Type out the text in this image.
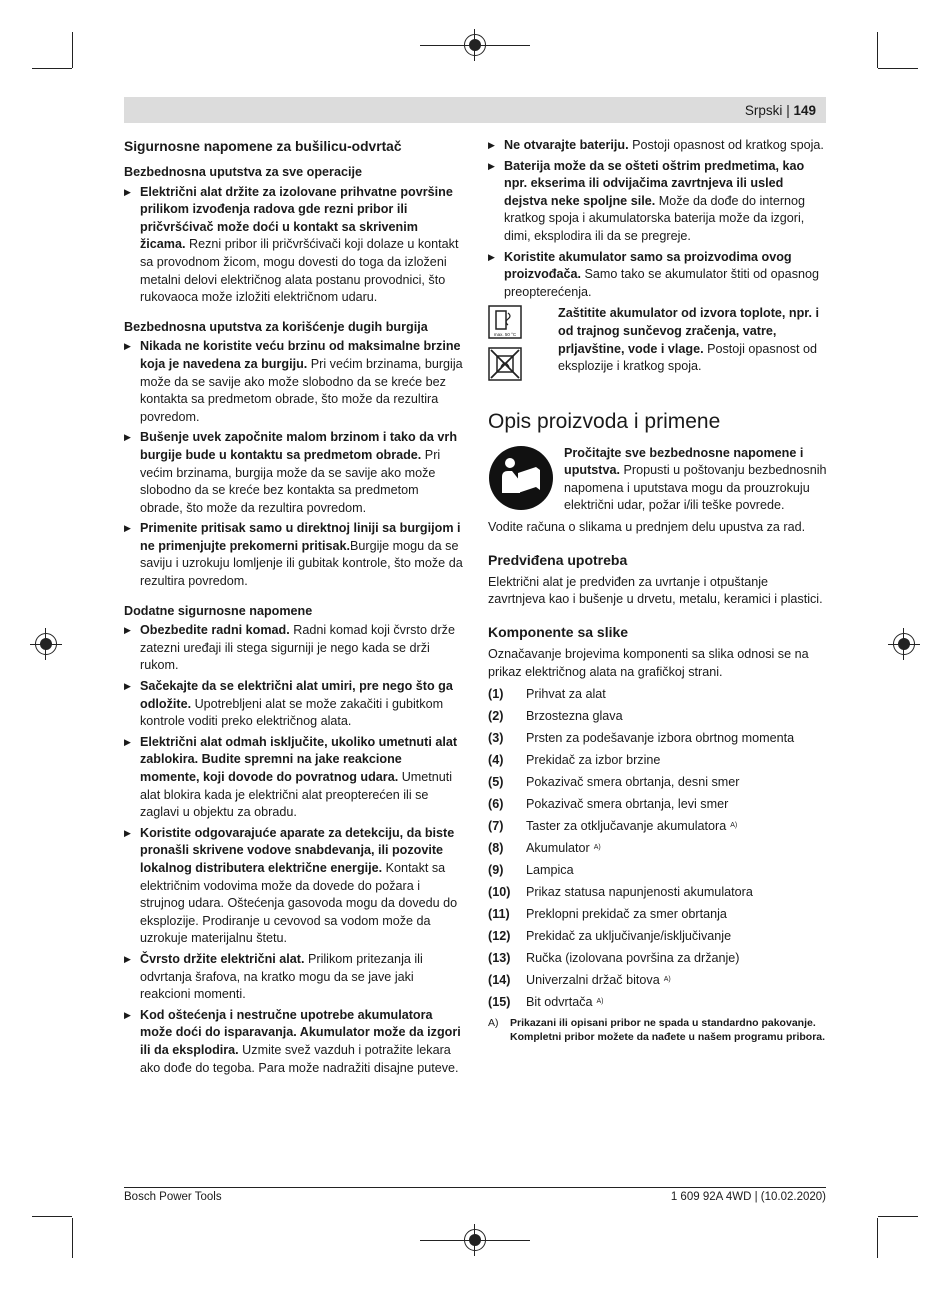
Srpski | 149
Sigurnosne napomene za bušilicu-odvrtač
Bezbednosna uputstva za sve operacije

▶ Električni alat držite za izolovane prihvatne površine prilikom izvođenja radova gde rezni pribor ili pričvršćivač može doći u kontakt sa skrivenim žicama. Rezni pribor ili pričvršćivači koji dolaze u kontakt sa provodnom žicom, mogu dovesti do toga da izloženi metalni delovi električnog alata postanu provodnici, što rukovaoca može izložiti električnom udaru.

Bezbednosna uputstva za korišćenje dugih burgija

▶ Nikada ne koristite veću brzinu od maksimalne brzine koja je navedena za burgiju. Pri većim brzinama, burgija može da se savije ako može slobodno da se kreće bez kontakta sa predmetom obrade, što može da rezultira povredom.

▶ Bušenje uvek započnite malom brzinom i tako da vrh burgije bude u kontaktu sa predmetom obrade. Pri većim brzinama, burgija može da se savije ako može slobodno da se kreće bez kontakta sa predmetom obrade, što može da rezultira povredom.

▶ Primenite pritisak samo u direktnoj liniji sa burgijom i ne primenjujte prekomerni pritisak.Burgije mogu da se saviju i uzrokuju lomljenje ili gubitak kontrole, što može da rezultira povredom.

Dodatne sigurnosne napomene

▶ Obezbedite radni komad. Radni komad koji čvrsto drže zatezni uređaji ili stega sigurniji je nego kada se drži rukom.

▶ Sačekajte da se električni alat umiri, pre nego što ga odložite. Upotrebljeni alat se može zakačiti i gubitkom kontrole voditi preko električnog alata.

▶ Električni alat odmah isključite, ukoliko umetnuti alat zablokira. Budite spremni na jake reakcione momente, koji dovode do povratnog udara. Umetnuti alat blokira kada je električni alat preopterećen ili se zaglavi u objektu za obradu.

▶ Koristite odgovarajuće aparate za detekciju, da biste pronašli skrivene vodove snabdevanja, ili pozovite lokalnog distributera električne energije. Kontakt sa električnim vodovima može da dovede do požara i strujnog udara. Oštećenja gasovoda mogu da dovedu do eksplozije. Prodiranje u cevovod sa vodom može da uzrokuje materijalnu štetu.

▶ Čvrsto držite električni alat. Prilikom pritezanja ili odvrtanja šrafova, na kratko mogu da se jave jaki reakcioni momenti.

▶ Kod oštećenja i nestručne upotrebe akumulatora može doći do isparavanja. Akumulator može da izgori ili da eksplodira. Uzmite svež vazduh i potražite lekara ako dođe do tegoba. Para može nadražiti disajne puteve.

▶ Ne otvarajte bateriju. Postoji opasnost od kratkog spoja.

▶ Baterija može da se ošteti oštrim predmetima, kao npr. ekserima ili odvijačima zavrtnjeva ili usled dejstva neke spoljne sile. Može da dođe do internog kratkog spoja i akumulatorska baterija može da izgori, dimi, eksplodira ili da se pregreje.

▶ Koristite akumulator samo sa proizvodima ovog proizvođača. Samo tako se akumulator štiti od opasnog preopterećenja.

max. 50 °C

Zaštitite akumulator od izvora toplote, npr. i od trajnog sunčevog zračenja, vatre, prljavštine, vode i vlage. Postoji opasnost od eksplozije i kratkog spoja.

Opis proizvoda i primene

Pročitajte sve bezbednosne napomene i uputstva. Propusti u poštovanju bezbednosnih napomena i uputstava mogu da prouzrokuju električni udar, požar i/ili teške povrede.

Vodite računa o slikama u prednjem delu upustva za rad.

Predviđena upotreba

Električni alat je predviđen za uvrtanje i otpuštanje zavrtnjeva kao i bušenje u drvetu, metalu, keramici i plastici.

Komponente sa slike

Označavanje brojevima komponenti sa slika odnosi se na prikaz električnog alata na grafičkoj strani.

(1)	Prihvat za alat
(2)	Brzostezna glava
(3)	Prsten za podešavanje izbora obrtnog momenta
(4)	Prekidač za izbor brzine
(5)	Pokazivač smera obrtanja, desni smer
(6)	Pokazivač smera obrtanja, levi smer
(7)	Taster za otključavanje akumulatora A)
(8)	Akumulator A)
(9)	Lampica
(10)	Prikaz statusa napunjenosti akumulatora
(11)	Preklopni prekidač za smer obrtanja
(12)	Prekidač za uključivanje/isključivanje
(13)	Ručka (izolovana površina za držanje)
(14)	Univerzalni držač bitova A)
(15)	Bit odvrtača A)
A)	Prikazani ili opisani pribor ne spada u standardno pakovanje. Kompletni pribor možete da nađete u našem programu pribora.
Bosch Power Tools	1 609 92A 4WD | (10.02.2020)
